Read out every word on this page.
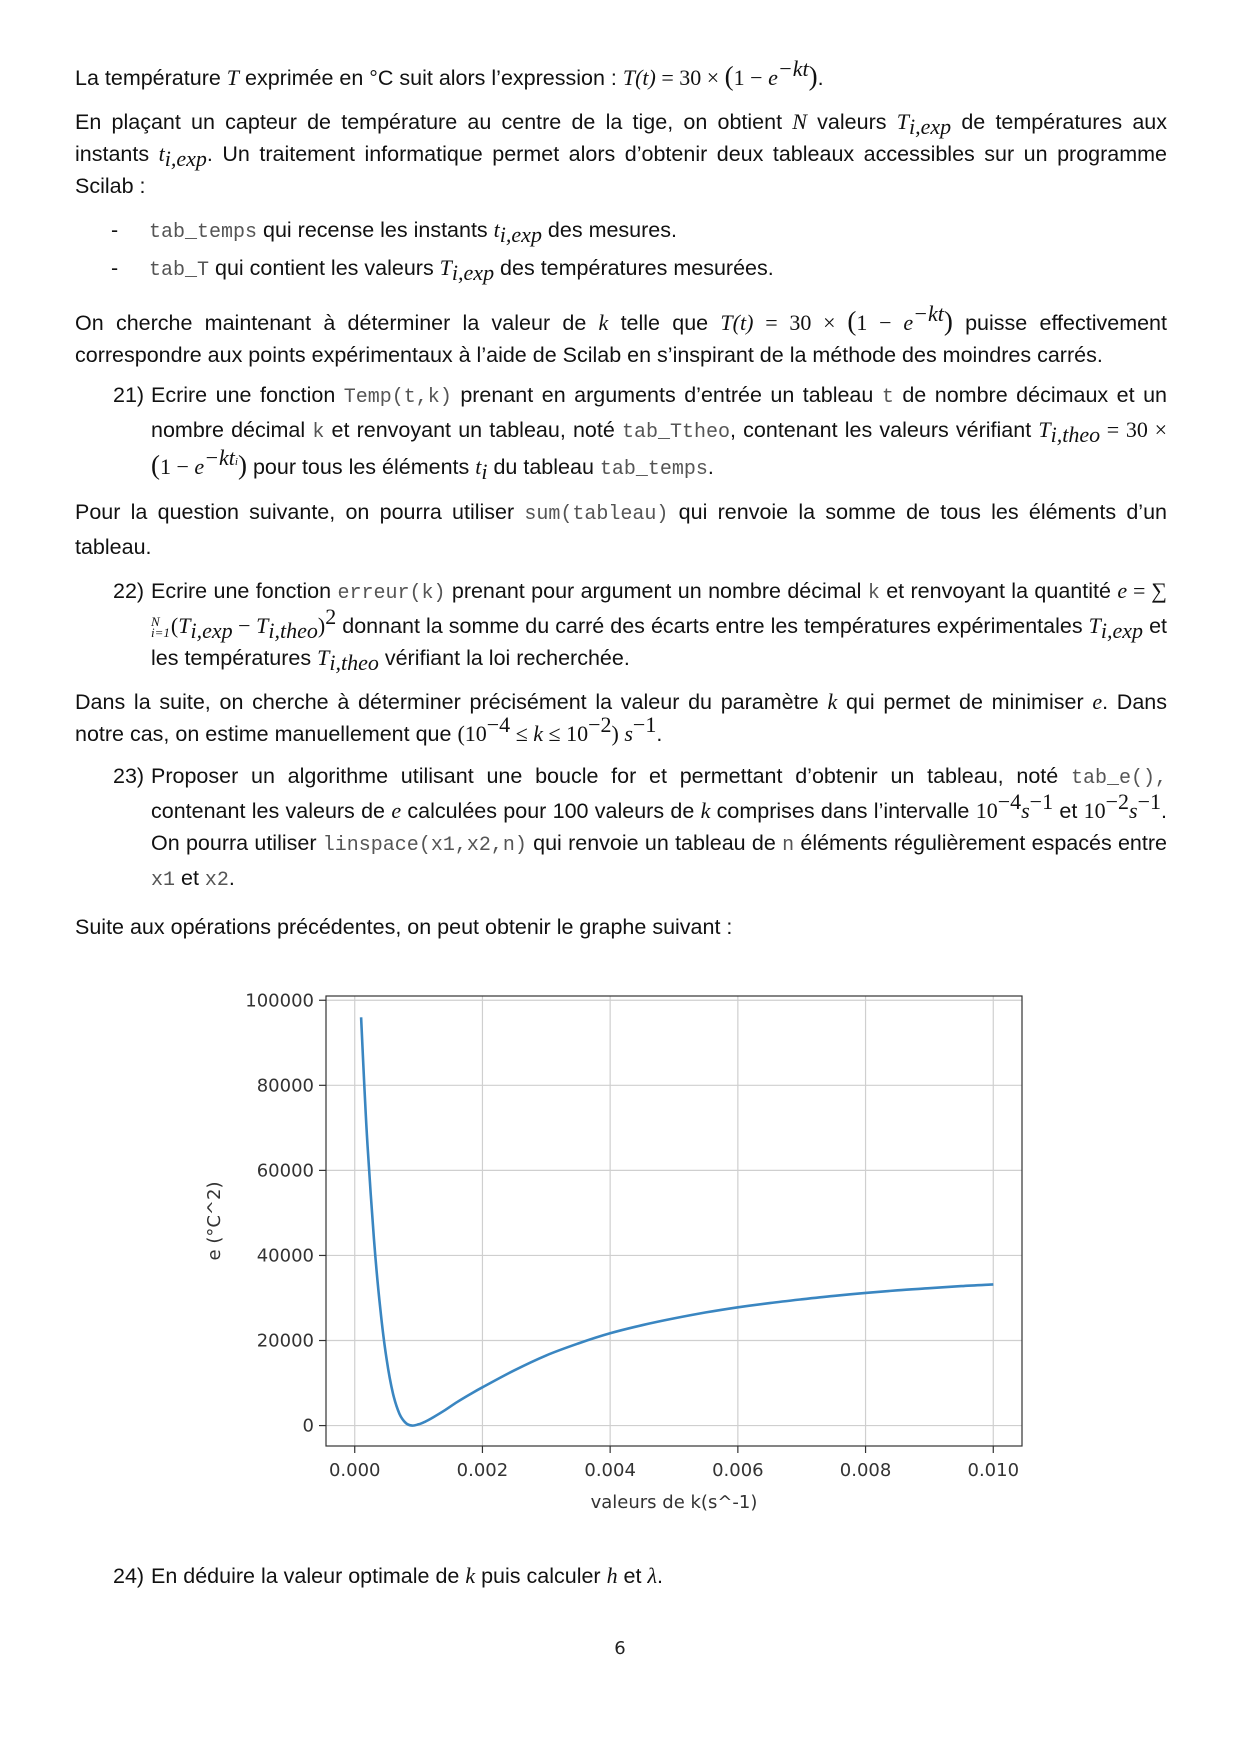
La température T exprimée en °C suit alors l’expression : $T(t) = 30 \times (1 - e^{-kt})$.

En plaçant un capteur de température au centre de la tige, on obtient N valeurs $T_{i,exp}$ de températures aux instants $t_{i,exp}$. Un traitement informatique permet alors d’obtenir deux tableaux accessibles sur un programme Scilab :

- tab_temps qui recense les instants $t_{i,exp}$ des mesures.
- tab_T qui contient les valeurs $T_{i,exp}$ des températures mesurées.

On cherche maintenant à déterminer la valeur de k telle que $T(t) = 30 \times (1 - e^{-kt})$ puisse effectivement correspondre aux points expérimentaux à l’aide de Scilab en s’inspirant de la méthode des moindres carrés.

21) Ecrire une fonction Temp(t,k) prenant en arguments d’entrée un tableau t de nombre décimaux et un nombre décimal k et renvoyant un tableau, noté tab_Ttheo, contenant les valeurs vérifiant $T_{i,theo} = 30 \times (1 - e^{-kti})$ pour tous les éléments $t_i$ du tableau tab_temps.

Pour la question suivante, on pourra utiliser sum(tableau) qui renvoie la somme de tous les éléments d’un tableau.

22) Ecrire une fonction erreur(k) prenant pour argument un nombre décimal k et renvoyant la quantité e = ∑
N
i=1 $(T_{i,exp} - T_{i,theo})^2$ donnant la somme du carré des écarts entre les températures expérimentales $T_{i,exp}$ et les températures $T_{i,theo}$ vérifiant la loi recherchée.

Dans la suite, on cherche à déterminer précisément la valeur du paramètre k qui permet de minimiser e. Dans notre cas, on estime manuellement que $(10^{-4} \le k \le 10^{-2})$ $s^{-1}$.

23) Proposer un algorithme utilisant une boucle for et permettant d’obtenir un tableau, noté tab_e(), contenant les valeurs de e calculées pour 100 valeurs de k comprises dans l’intervalle $10^{-4}s^{-1}$ et $10^{-2}s^{-1}$. On pourra utiliser linspace(x1,x2,n) qui renvoie un tableau de n éléments régulièrement espacés entre x1 et x2.

Suite aux opérations précédentes, on peut obtenir le graphe suivant :

0.000	0.002	0.004	0.006	0.008	0.010
0
20000
40000
60000
80000
100000
valeurs de k(s^-1)
e (°C^2)
24) En déduire la valeur optimale de k puis calculer h et λ.
6
